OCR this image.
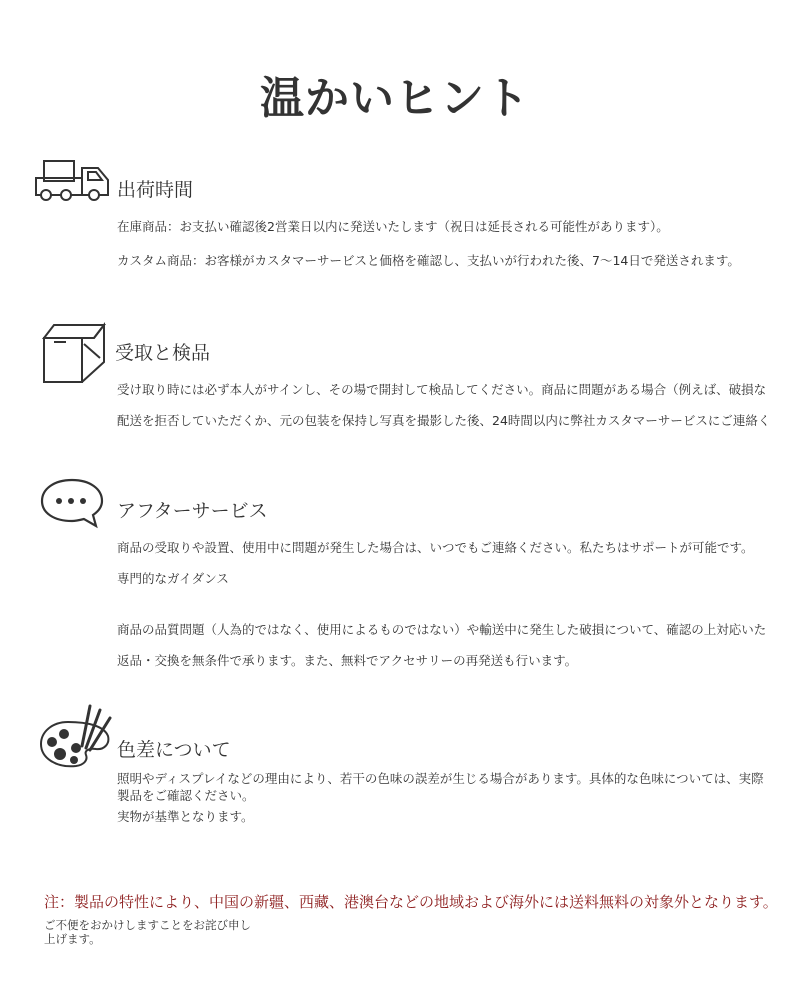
温かいヒント
出荷時間
在庫商品：お支払い確認後2営業日以内に発送いたします（祝日は延長される可能性があります）。
カスタム商品：お客様がカスタマーサービスと価格を確認し、支払いが行われた後、7〜14日で発送されます。
受取と検品
受け取り時には必ず本人がサインし、その場で開封して検品してください。商品に問題がある場合（例えば、破損な
配送を拒否していただくか、元の包装を保持し写真を撮影した後、24時間以内に弊社カスタマーサービスにご連絡く
アフターサービス
商品の受取りや設置、使用中に問題が発生した場合は、いつでもご連絡ください。私たちはサポートが可能です。
専門的なガイダンス
商品の品質問題（人為的ではなく、使用によるものではない）や輸送中に発生した破損について、確認の上対応いた
返品・交換を無条件で承ります。また、無料でアクセサリーの再発送も行います。
色差について
照明やディスプレイなどの理由により、若干の色味の誤差が生じる場合があります。具体的な色味については、実際
製品をご確認ください。
実物が基準となります。
注：製品の特性により、中国の新疆、西藏、港澳台などの地域および海外には送料無料の対象外となります。
ご不便をおかけしますことをお詫び申し
上げます。
